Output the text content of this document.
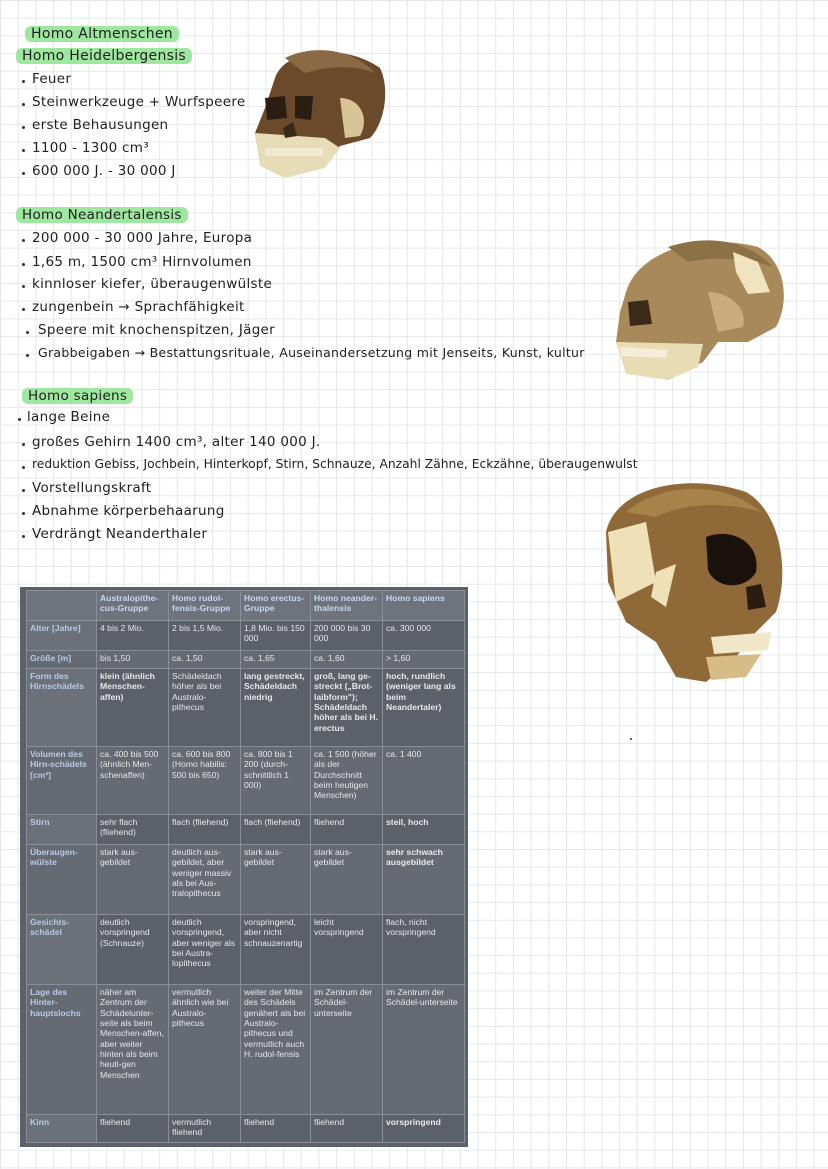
Homo Altmenschen
Homo Heidelbergensis
Feuer
Steinwerkzeuge + Wurfspeere
erste Behausungen
1100 - 1300 cm³
600 000 J. - 30 000 J
Homo Neandertalensis
200 000 - 30 000 Jahre, Europa
1,65 m, 1500 cm³ Hirnvolumen
kinnloser kiefer, überaugenwülste
zungenbein → Sprachfähigkeit
Speere mit knochenspitzen, Jäger
Grabbeigaben → Bestattungsrituale, Auseinandersetzung mit Jenseits, Kunst, kultur
Homo sapiens
lange Beine
großes Gehirn 1400 cm³, alter 140 000 J.
reduktion Gebiss, Jochbein, Hinterkopf, Stirn, Schnauze, Anzahl Zähne, Eckzähne, überaugenwulst
Vorstellungskraft
Abnahme körperbehaarung
Verdrängt Neanderthaler
	Australopithe-cus-Gruppe	Homo rudol-fensis-Gruppe	Homo erectus-Gruppe	Homo neander-thalensis	Homo sapiens
Alter [Jahre]	4 bis 2 Mio.	2 bis 1,5 Mio.	1,8 Mio. bis 150 000	200 000 bis 30 000	ca. 300 000
Größe [m]	bis 1,50	ca. 1,50	ca. 1,65	ca. 1,60	> 1,60
Form des Hirnschädels	klein (ähnlich Menschen-affen)	Schädeldach höher als bei Australo-pithecus	lang gestreckt, Schädeldach niedrig	groß, lang ge-streckt („Brot-laibform"); Schädeldach höher als bei H. erectus	hoch, rundlich (weniger lang als beim Neandertaler)
Volumen des Hirn-schädels [cm³]	ca. 400 bis 500 (ähnlich Men-schenaffen)	ca. 600 bis 800 (Homo habilis: 500 bis 650)	ca. 800 bis 1 200 (durch-schnittlich 1 000)	ca. 1 500 (höher als der Durchschnitt beim heutigen Menschen)	ca. 1 400
Stirn	sehr flach (fliehend)	flach (fliehend)	flach (fliehend)	fliehend	steil, hoch
Überaugen-wülste	stark aus-gebildet	deutlich aus-gebildet, aber weniger massiv als bei Aus-tralopithecus	stark aus-gebildet	stark aus-gebildet	sehr schwach ausgebildet
Gesichts-schädel	deutlich vorspringend (Schnauze)	deutlich vorspringend, aber weniger als bei Austra-lopithecus	vorspringend, aber nicht schnauzenartig	leicht vorspringend	flach, nicht vorspringend
Lage des Hinter-hauptslochs	näher am Zentrum der Schädelunter-seite als beim Menschen-affen, aber weiter hinten als beim heuti-gen Menschen	vermutlich ähnlich wie bei Australo-pithecus	weiter der Mitte des Schädels genähert als bei Australo-pithecus und vermutlich auch H. rudol-fensis	im Zentrum der Schädel-unterseite	im Zentrum der Schädel-unterseite
Kinn	fliehend	vermutlich fliehend	fliehend	fliehend	vorspringend
